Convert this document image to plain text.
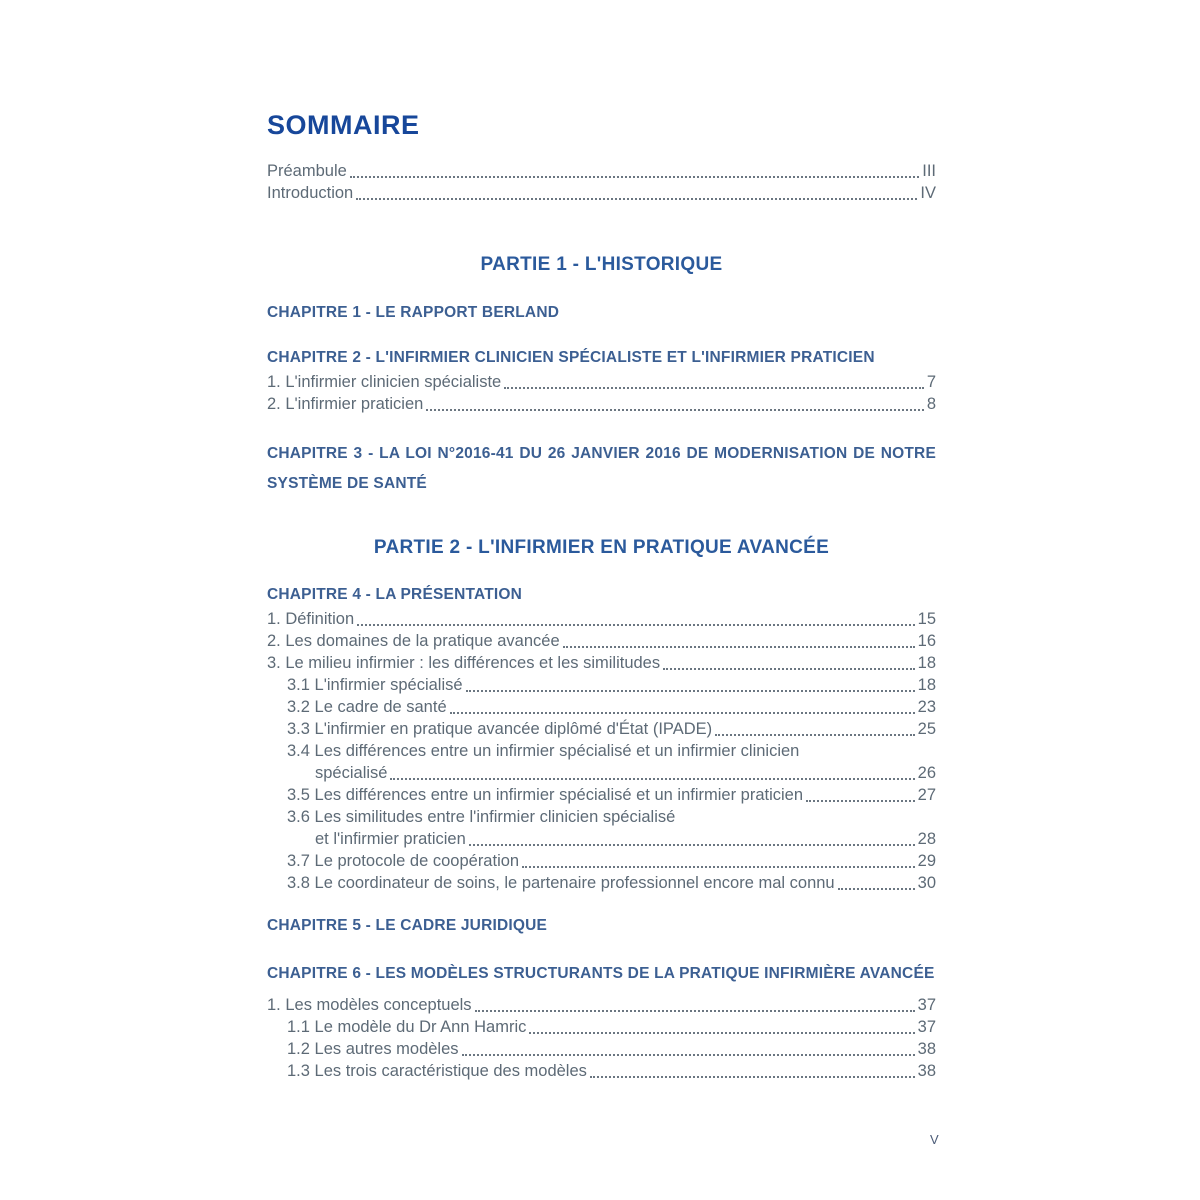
SOMMAIRE
Préambule	III
Introduction	IV
PARTIE 1 - L'HISTORIQUE
CHAPITRE 1 - LE RAPPORT BERLAND
CHAPITRE 2 - L'INFIRMIER CLINICIEN SPÉCIALISTE ET L'INFIRMIER PRATICIEN
1. L'infirmier clinicien spécialiste	7
2. L'infirmier praticien	8
CHAPITRE 3 - LA LOI N°2016-41 DU 26 JANVIER 2016 DE MODERNISATION DE NOTRE SYSTÈME DE SANTÉ
PARTIE 2 - L'INFIRMIER EN PRATIQUE AVANCÉE
CHAPITRE 4 - LA PRÉSENTATION
1. Définition	15
2. Les domaines de la pratique avancée	16
3. Le milieu infirmier : les différences et les similitudes	18
3.1 L'infirmier spécialisé	18
3.2 Le cadre de santé	23
3.3 L'infirmier en pratique avancée diplômé d'État (IPADE)	25
3.4 Les différences entre un infirmier spécialisé et un infirmier clinicien
spécialisé	26
3.5 Les différences entre un infirmier spécialisé et un infirmier praticien	27
3.6 Les similitudes entre l'infirmier clinicien spécialisé
et l'infirmier praticien	28
3.7 Le protocole de coopération	29
3.8 Le coordinateur de soins, le partenaire professionnel encore mal connu	30
CHAPITRE 5 - LE CADRE JURIDIQUE
CHAPITRE 6 - LES MODÈLES STRUCTURANTS DE LA PRATIQUE INFIRMIÈRE AVANCÉE
1. Les modèles conceptuels	37
1.1 Le modèle du Dr Ann Hamric	37
1.2 Les autres modèles	38
1.3 Les trois caractéristique des modèles	38
V
